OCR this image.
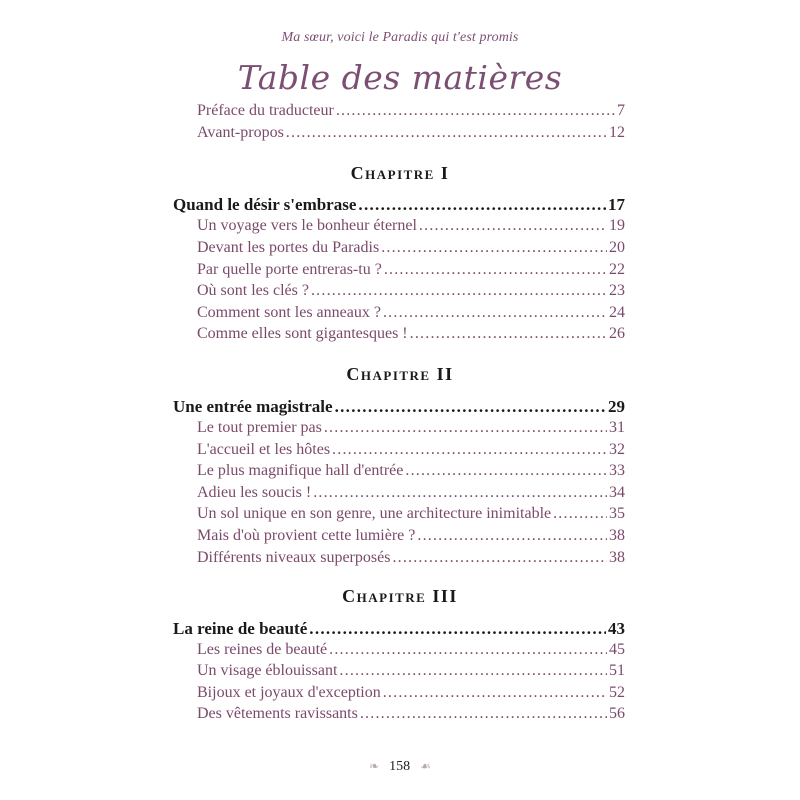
Ma sœur, voici le Paradis qui t'est promis
Table des matières
Préface du traducteur .....	7
Avant-propos .....	12
Chapitre I
Quand le désir s'embrase .....	17
Un voyage vers le bonheur éternel .....	19
Devant les portes du Paradis .....	20
Par quelle porte entreras-tu ? .....	22
Où sont les clés ? .....	23
Comment sont les anneaux ? .....	24
Comme elles sont gigantesques ! .....	26
Chapitre II
Une entrée magistrale .....	29
Le tout premier pas .....	31
L'accueil et les hôtes .....	32
Le plus magnifique hall d'entrée .....	33
Adieu les soucis ! .....	34
Un sol unique en son genre, une architecture inimitable .....	35
Mais d'où provient cette lumière ? .....	38
Différents niveaux superposés .....	38
Chapitre III
La reine de beauté .....	43
Les reines de beauté .....	45
Un visage éblouissant .....	51
Bijoux et joyaux d'exception .....	52
Des vêtements ravissants .....	56
❧ 158 ☙
